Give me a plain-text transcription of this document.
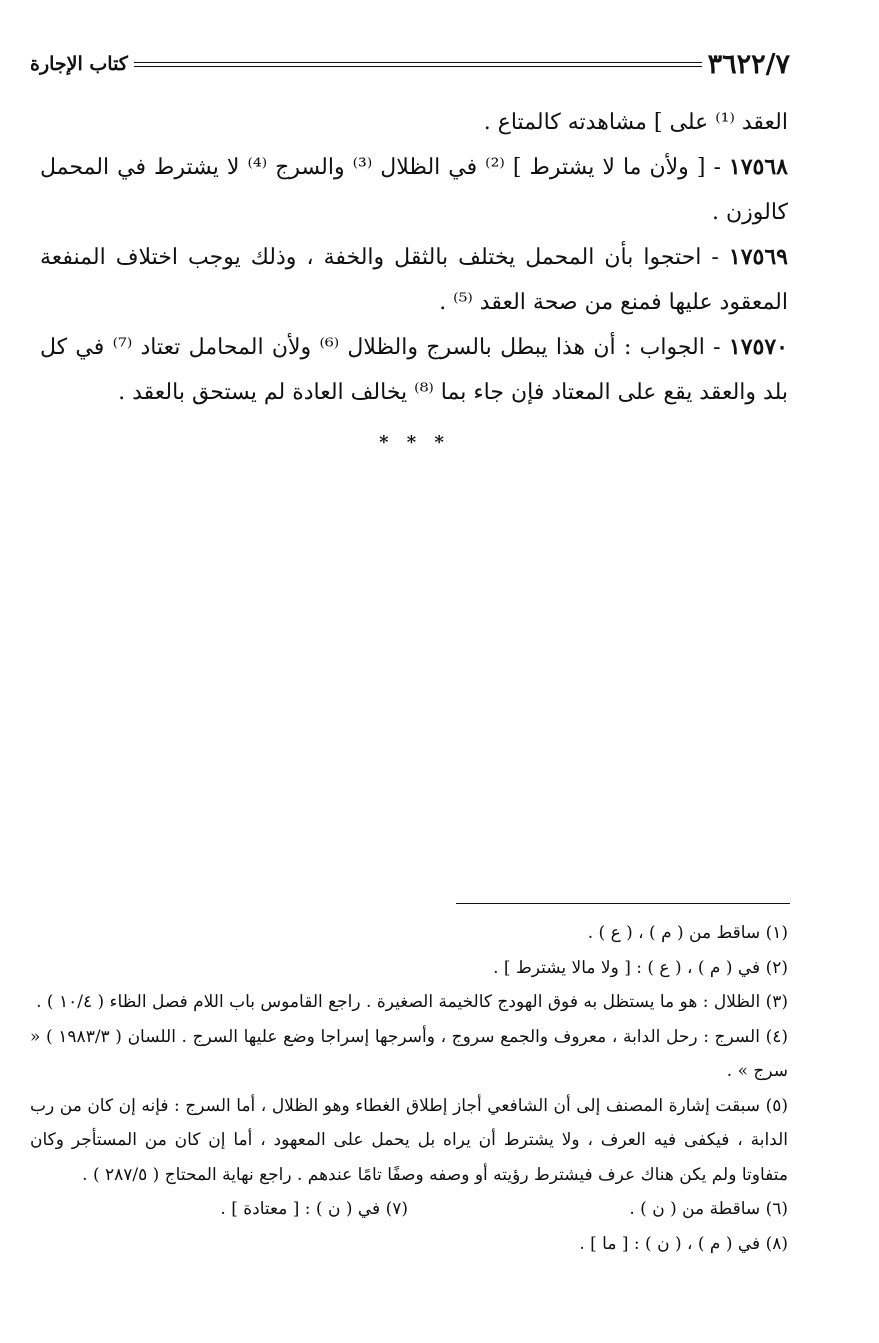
كتاب الإجارة	٣٦٢٢/٧

العقد ⁽¹⁾ على ] مشاهدته كالمتاع .

١٧٥٦٨ - [ ولأن ما لا يشترط ] ⁽²⁾ في الظلال ⁽³⁾ والسرج ⁽⁴⁾ لا يشترط في المحمل كالوزن .

١٧٥٦٩ - احتجوا بأن المحمل يختلف بالثقل والخفة ، وذلك يوجب اختلاف المنفعة المعقود عليها فمنع من صحة العقد ⁽⁵⁾ .

١٧٥٧٠ - الجواب : أن هذا يبطل بالسرج والظلال ⁽⁶⁾ ولأن المحامل تعتاد ⁽⁷⁾ في كل بلد والعقد يقع على المعتاد فإن جاء بما ⁽⁸⁾ يخالف العادة لم يستحق بالعقد .

* * *

(١) ساقط من ( م ) ، ( ع ) .

(٢) في ( م ) ، ( ع ) : [ ولا مالا يشترط ] .

(٣) الظلال : هو ما يستظل به فوق الهودج كالخيمة الصغيرة . راجع القاموس باب اللام فصل الظاء ( ١٠/٤ ) .

(٤) السرج : رحل الدابة ، معروف والجمع سروج ، وأسرجها إسراجا وضع عليها السرج . اللسان ( ١٩٨٣/٣ ) « سرج » .

(٥) سبقت إشارة المصنف إلى أن الشافعي أجاز إطلاق الغطاء وهو الظلال ، أما السرج : فإنه إن كان من رب الدابة ، فيكفى فيه العرف ، ولا يشترط أن يراه بل يحمل على المعهود ، أما إن كان من المستأجر وكان متفاوتا ولم يكن هناك عرف فيشترط رؤيته أو وصفه وصفًا تامًا عندهم . راجع نهاية المحتاج ( ٢٨٧/٥ ) .

(٦) ساقطة من ( ن ) .
(٧) في ( ن ) : [ معتادة ] .

(٨) في ( م ) ، ( ن ) : [ ما ] .
